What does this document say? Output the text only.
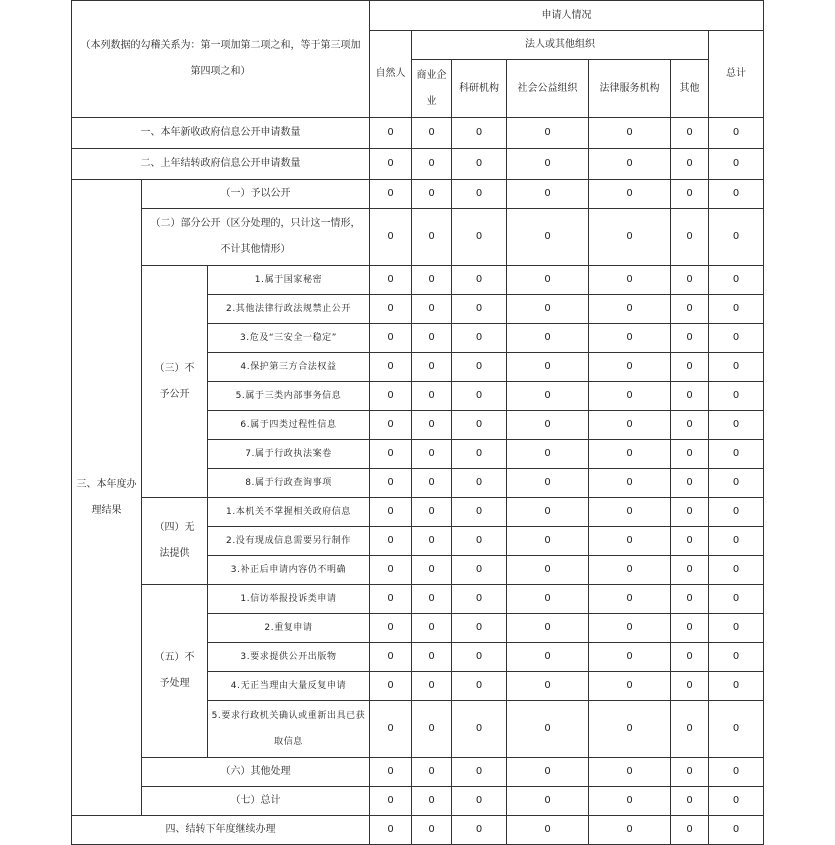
（本列数据的勾稽关系为：第一项加第二项之和，等于第三项加第四项之和）			申请人情况						
			自然人	法人或其他组织					总计
				商业企业	科研机构	社会公益组织	法律服务机构	其他	
一、本年新收政府信息公开申请数量			0	0	0	0	0	0	0
二、上年结转政府信息公开申请数量			0	0	0	0	0	0	0
三、本年度办理结果	（一）予以公开		0	0	0	0	0	0	0
	（二）部分公开（区分处理的，只计这一情形，不计其他情形）		0	0	0	0	0	0	0
	（三）不予公开	1.属于国家秘密	0	0	0	0	0	0	0
		2.其他法律行政法规禁止公开	0	0	0	0	0	0	0
		3.危及“三安全一稳定”	0	0	0	0	0	0	0
		4.保护第三方合法权益	0	0	0	0	0	0	0
		5.属于三类内部事务信息	0	0	0	0	0	0	0
		6.属于四类过程性信息	0	0	0	0	0	0	0
		7.属于行政执法案卷	0	0	0	0	0	0	0
		8.属于行政查询事项	0	0	0	0	0	0	0
	（四）无法提供	1.本机关不掌握相关政府信息	0	0	0	0	0	0	0
		2.没有现成信息需要另行制作	0	0	0	0	0	0	0
		3.补正后申请内容仍不明确	0	0	0	0	0	0	0
	（五）不予处理	1.信访举报投诉类申请	0	0	0	0	0	0	0
		2.重复申请	0	0	0	0	0	0	0
		3.要求提供公开出版物	0	0	0	0	0	0	0
		4.无正当理由大量反复申请	0	0	0	0	0	0	0
		5.要求行政机关确认或重新出具已获取信息	0	0	0	0	0	0	0
	（六）其他处理		0	0	0	0	0	0	0
	（七）总计		0	0	0	0	0	0	0
四、结转下年度继续办理			0	0	0	0	0	0	0
